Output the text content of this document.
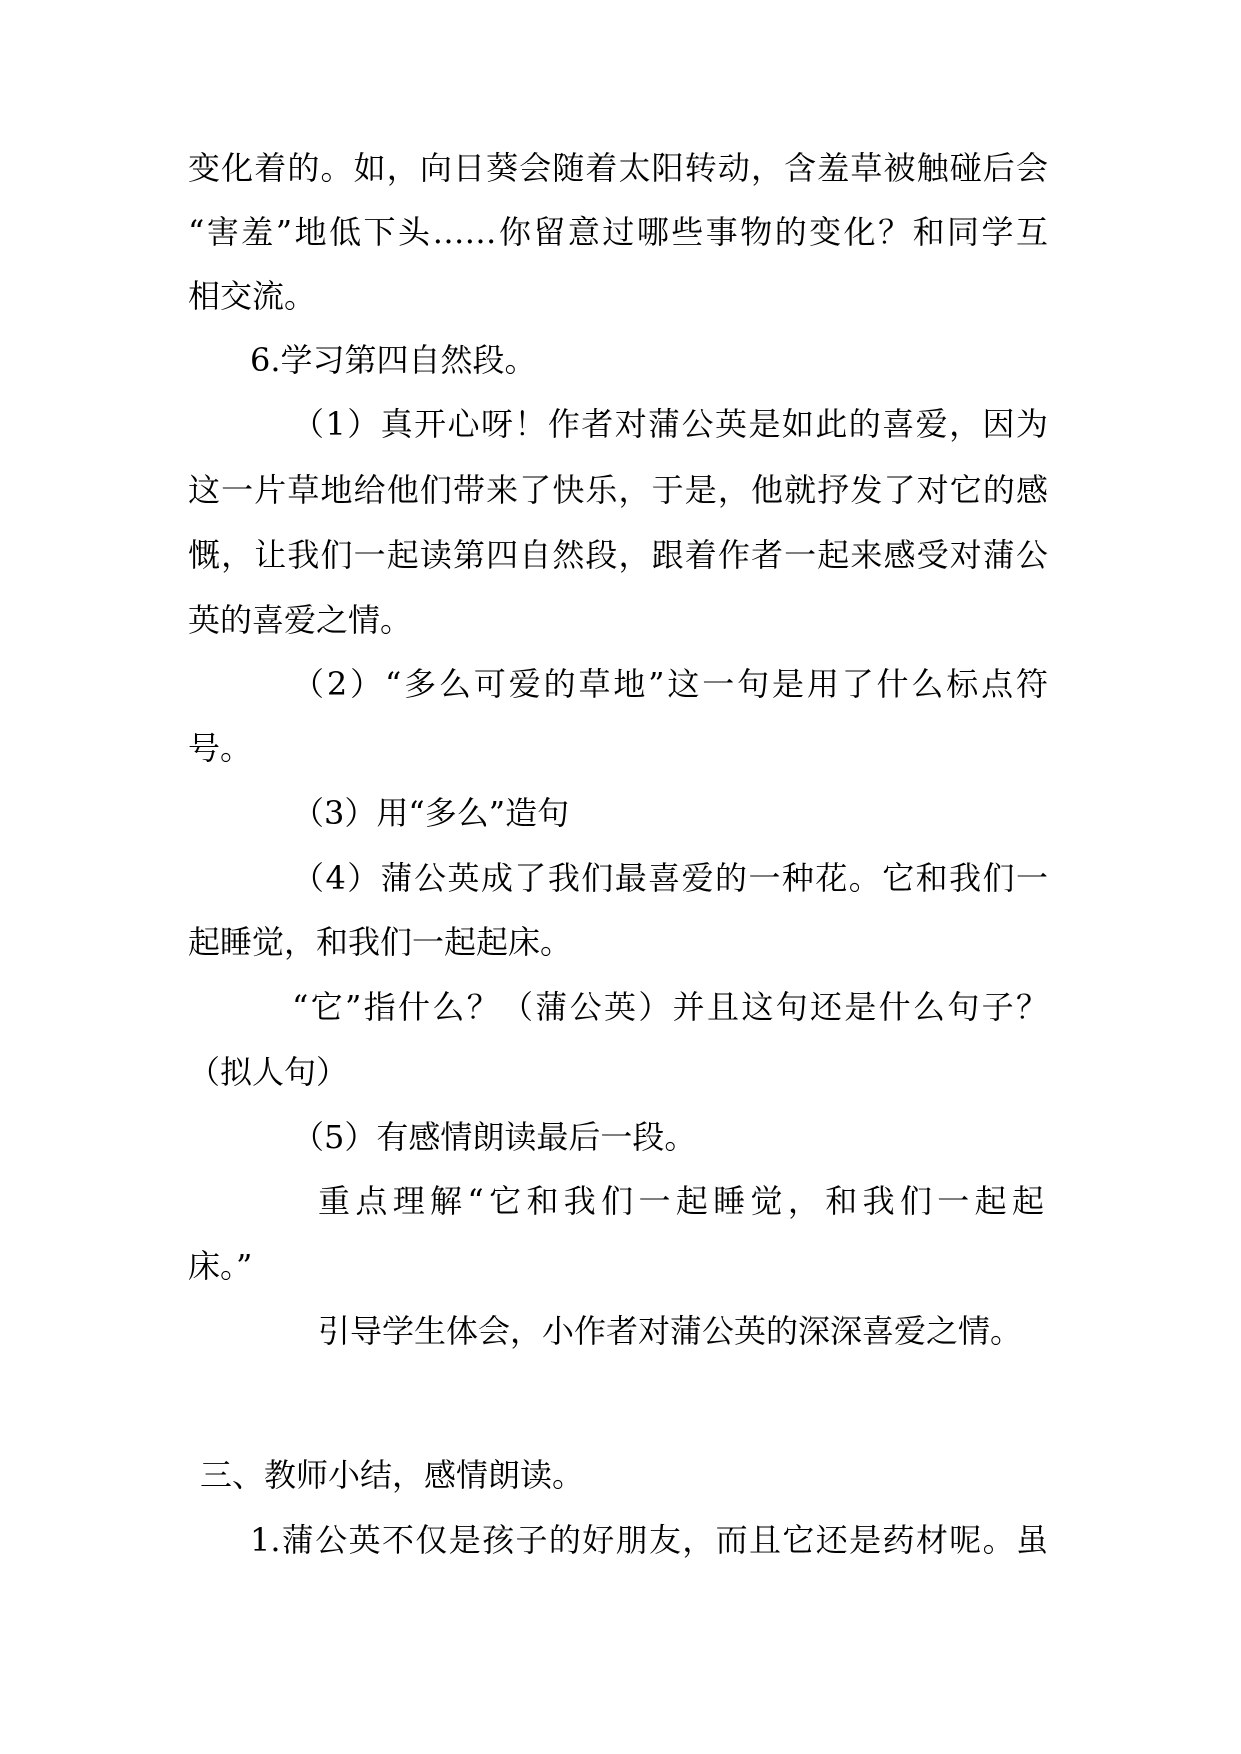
变化着的。如，向日葵会随着太阳转动，含羞草被触碰后会
“害羞”地低下头……你留意过哪些事物的变化？和同学互
相交流。
6.学习第四自然段。
（1）真开心呀！作者对蒲公英是如此的喜爱，因为
这一片草地给他们带来了快乐，于是，他就抒发了对它的感
慨，让我们一起读第四自然段，跟着作者一起来感受对蒲公
英的喜爱之情。
（2）“多么可爱的草地”这一句是用了什么标点符
号。
（3）用“多么”造句
（4）蒲公英成了我们最喜爱的一种花。它和我们一
起睡觉，和我们一起起床。
“它”指什么？（蒲公英）并且这句还是什么句子？
（拟人句）
（5）有感情朗读最后一段。
重点理解“它和我们一起睡觉，和我们一起起
床。”
引导学生体会，小作者对蒲公英的深深喜爱之情。
三、教师小结，感情朗读。
1.蒲公英不仅是孩子的好朋友，而且它还是药材呢。虽
